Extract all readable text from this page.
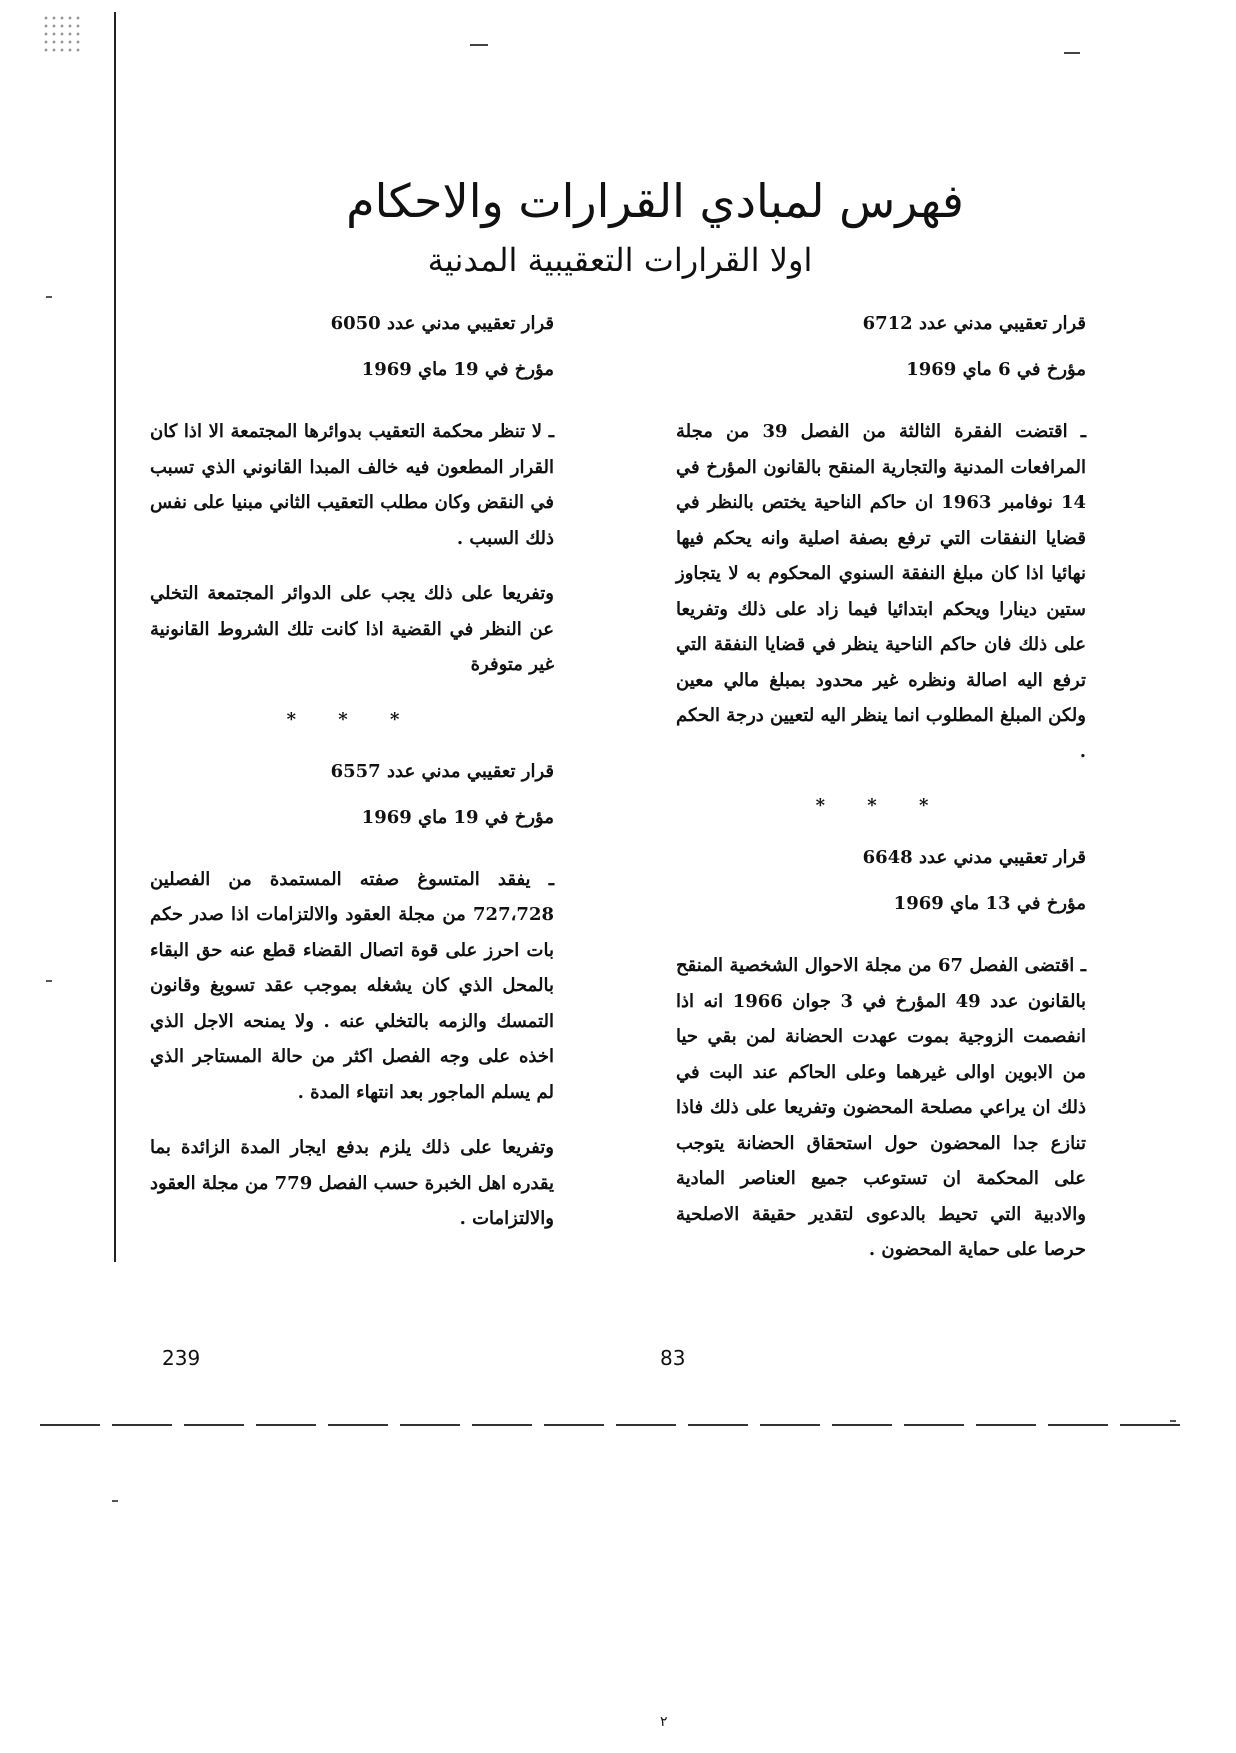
فهرس لمبادي القرارات والاحكام
اولا القرارات التعقيبية المدنية

قرار تعقيبي مدني عدد 6712

مؤرخ في 6 ماي 1969

ـ اقتضت الفقرة الثالثة من الفصل 39 من مجلة المرافعات المدنية والتجارية المنقح بالقانون المؤرخ في 14 نوفامبر 1963 ان حاكم الناحية يختص بالنظر في قضايا النفقات التي ترفع بصفة اصلية وانه يحكم فيها نهائيا اذا كان مبلغ النفقة السنوي المحكوم به لا يتجاوز ستين دينارا ويحكم ابتدائيا فيما زاد على ذلك وتفريعا على ذلك فان حاكم الناحية ينظر في قضايا النفقة التي ترفع اليه اصالة ونظره غير محدود بمبلغ مالي معين ولكن المبلغ المطلوب انما ينظر اليه لتعيين درجة الحكم .

* * *

قرار تعقيبي مدني عدد 6648

مؤرخ في 13 ماي 1969

ـ اقتضى الفصل 67 من مجلة الاحوال الشخصية المنقح بالقانون عدد 49 المؤرخ في 3 جوان 1966 انه اذا انفصمت الزوجية بموت عهدت الحضانة لمن بقي حيا من الابوين اوالى غيرهما وعلى الحاكم عند البت في ذلك ان يراعي مصلحة المحضون وتفريعا على ذلك فاذا تنازع جدا المحضون حول استحقاق الحضانة يتوجب على المحكمة ان تستوعب جميع العناصر المادية والادبية التي تحيط بالدعوى لتقدير حقيقة الاصلحية حرصا على حماية المحضون .

قرار تعقيبي مدني عدد 6050

مؤرخ في 19 ماي 1969

ـ لا تنظر محكمة التعقيب بدوائرها المجتمعة الا اذا كان القرار المطعون فيه خالف المبدا القانوني الذي تسبب في النقض وكان مطلب التعقيب الثاني مبنيا على نفس ذلك السبب .

وتفريعا على ذلك يجب على الدوائر المجتمعة التخلي عن النظر في القضية اذا كانت تلك الشروط القانونية غير متوفرة

* * *

قرار تعقيبي مدني عدد 6557

مؤرخ في 19 ماي 1969

ـ يفقد المتسوغ صفته المستمدة من الفصلين 727،728 من مجلة العقود والالتزامات اذا صدر حكم بات احرز على قوة اتصال القضاء قطع عنه حق البقاء بالمحل الذي كان يشغله بموجب عقد تسويغ وقانون التمسك والزمه بالتخلي عنه . ولا يمنحه الاجل الذي اخذه على وجه الفصل اكثر من حالة المستاجر الذي لم يسلم الماجور بعد انتهاء المدة .

وتفريعا على ذلك يلزم بدفع ايجار المدة الزائدة بما يقدره اهل الخبرة حسب الفصل 779 من مجلة العقود والالتزامات .

239	83
٢
